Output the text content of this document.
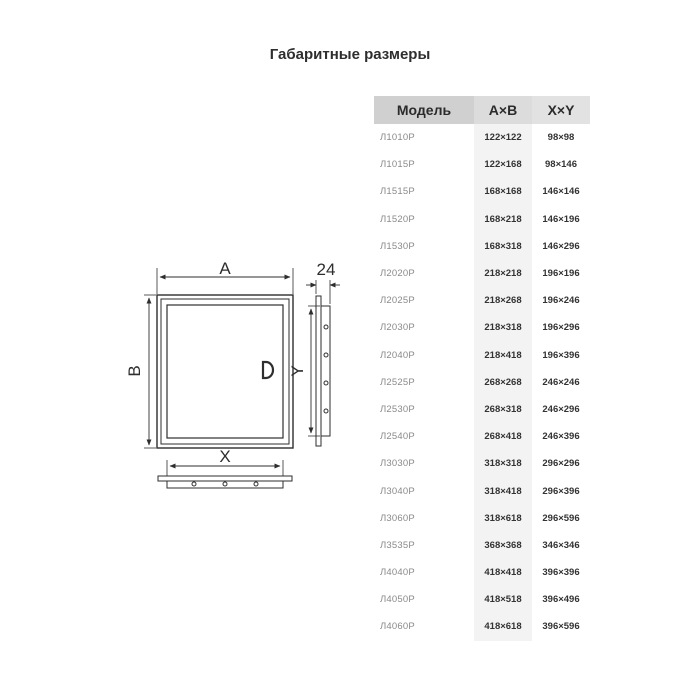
Габаритные размеры
A
B
24
Y
X
Модель	A×B	X×Y
Л1010Р	122×122	98×98
Л1015Р	122×168	98×146
Л1515Р	168×168	146×146
Л1520Р	168×218	146×196
Л1530Р	168×318	146×296
Л2020Р	218×218	196×196
Л2025Р	218×268	196×246
Л2030Р	218×318	196×296
Л2040Р	218×418	196×396
Л2525Р	268×268	246×246
Л2530Р	268×318	246×296
Л2540Р	268×418	246×396
Л3030Р	318×318	296×296
Л3040Р	318×418	296×396
Л3060Р	318×618	296×596
Л3535Р	368×368	346×346
Л4040Р	418×418	396×396
Л4050Р	418×518	396×496
Л4060Р	418×618	396×596
